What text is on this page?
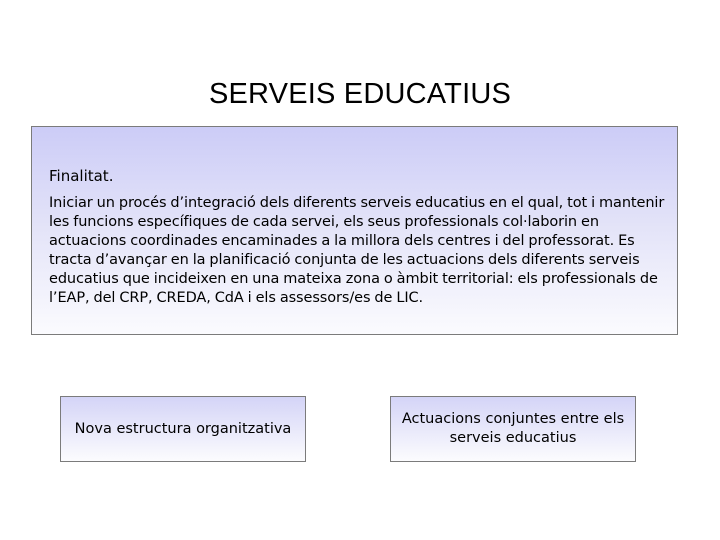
SERVEIS EDUCATIUS

Finalitat.

Iniciar un procés d’integració dels diferents serveis educatius en el qual, tot i mantenir les funcions específiques de cada servei, els seus professionals col·laborin en actuacions coordinades encaminades a la millora dels centres i del professorat. Es tracta d’avançar en la planificació conjunta de les actuacions dels diferents serveis educatius que incideixen en una mateixa zona o àmbit territorial: els professionals de l’EAP, del CRP, CREDA, CdA i els assessors/es de LIC.

Nova estructura organitzativa
Actuacions conjuntes entre els serveis educatius
